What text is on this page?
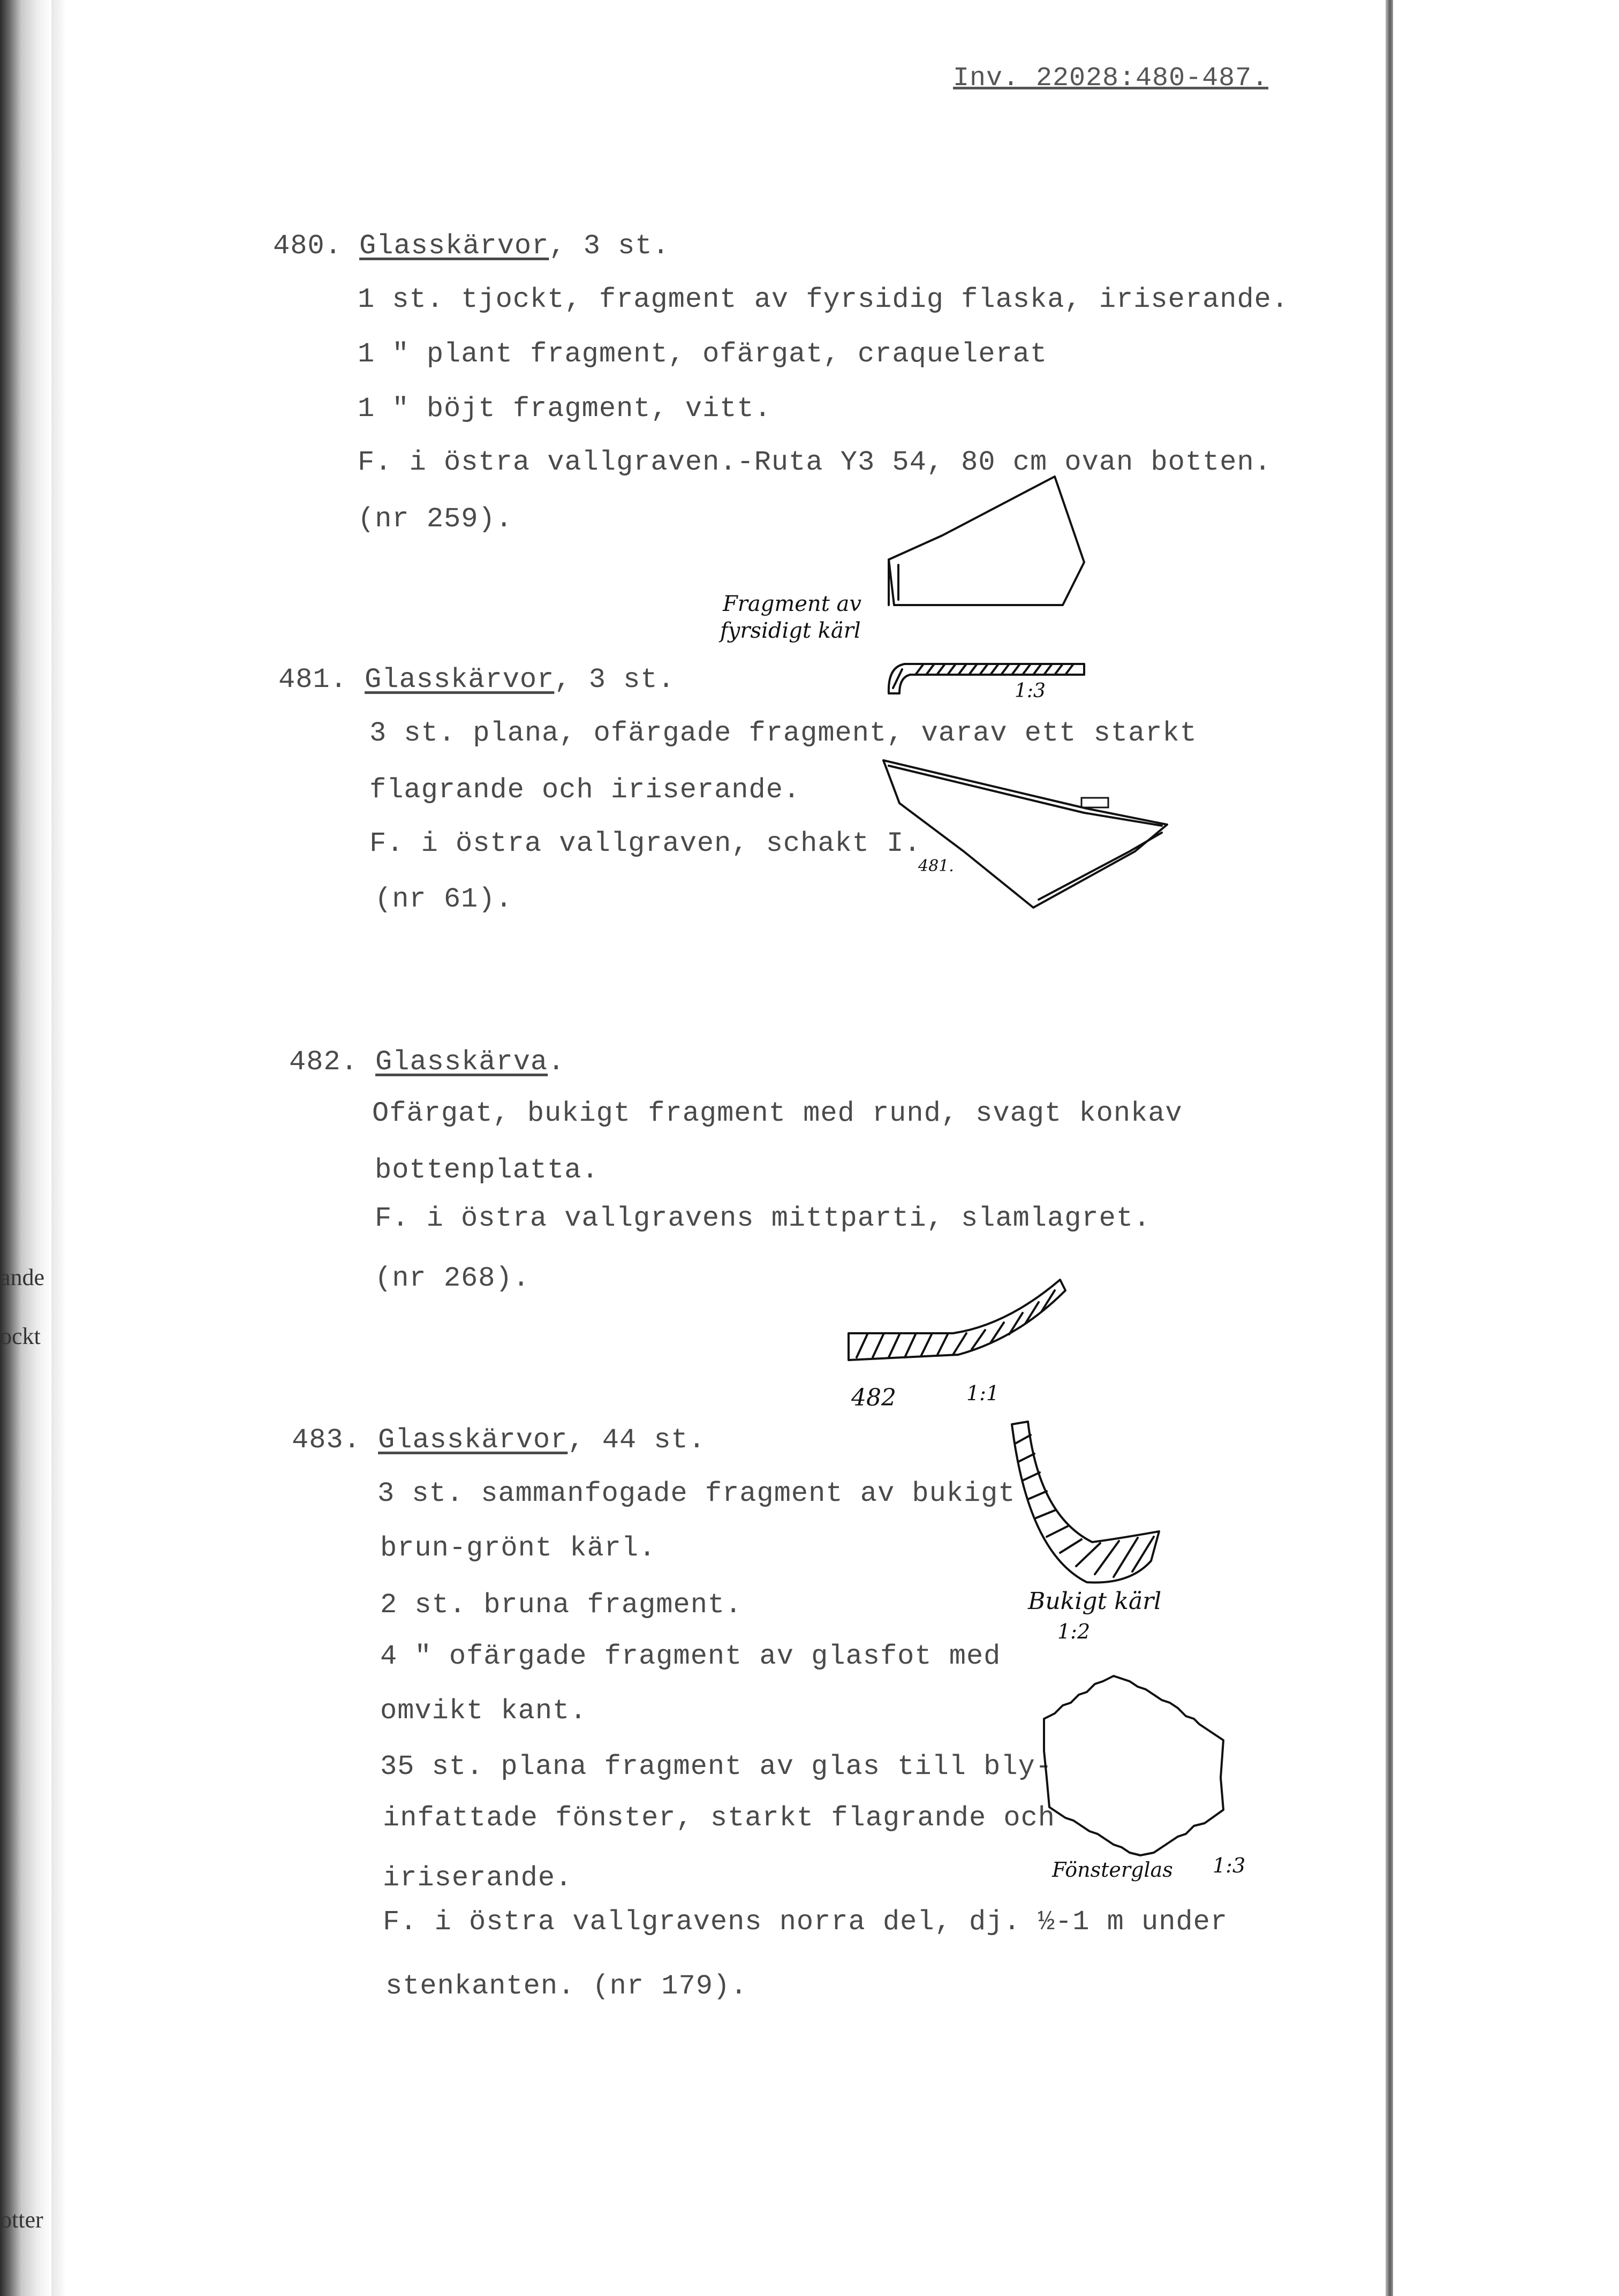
ande
ockt
otter
Inv. 22028:480-487.
480. Glasskärvor, 3 st.
1 st. tjockt, fragment av fyrsidig flaska, iriserande.
1 " plant fragment, ofärgat, craquelerat
1 " böjt fragment, vitt.
F. i östra vallgraven.-Ruta Y3 54, 80 cm ovan botten.
(nr 259).
481. Glasskärvor, 3 st.
3 st. plana, ofärgade fragment, varav ett starkt
flagrande och iriserande.
F. i östra vallgraven, schakt I.
(nr 61).
482. Glasskärva.
Ofärgat, bukigt fragment med rund, svagt konkav
bottenplatta.
F. i östra vallgravens mittparti, slamlagret.
(nr 268).
483. Glasskärvor, 44 st.
3 st. sammanfogade fragment av bukigt
brun-grönt kärl.
2 st. bruna fragment.
4 " ofärgade fragment av glasfot med
omvikt kant.
35 st. plana fragment av glas till bly-
infattade fönster, starkt flagrande och
iriserande.
F. i östra vallgravens norra del, dj. ½-1 m under
stenkanten. (nr 179).
Fragment av
fyrsidigt kärl
1:3
481.
482	1:1
Bukigt kärl
1:2
Fönsterglas 1:3
